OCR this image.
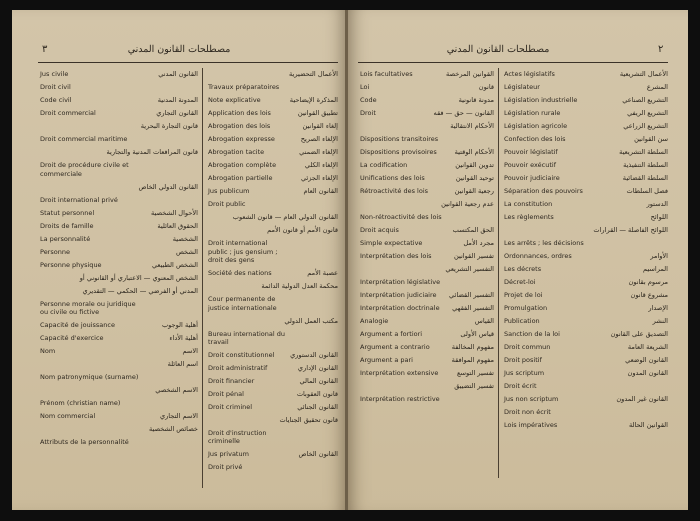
٣	مصطلحات القانون المدني
Jus civile	القانون المدني
Droit civil
Code civil	المدونة المدنية
Droit commercial	القانون التجاري
قانون التجارة البحرية
Droit commercial maritime
قانون المرافعات المدنية والتجارية
Droit de procédure civile et commerciale
القانون الدولي الخاص
Droit international privé
Statut personnel	الأحوال الشخصية
Droits de famille	الحقوق العائلية
La personnalité	الشخصية
Personne	الشخص
Personne physique	الشخص الطبيعي
الشخص المعنوي — الاعتباري أو القانوني أو
المدني أو الفرضي — الحكمي — التقديري
Personne morale ou juridique ou civile ou fictive
Capacité de jouissance	أهلية الوجوب
Capacité d'exercice	أهلية الأداء
Nom	الاسم
اسم العائلة
Nom patronymique (surname)
الاسم الشخصي
Prénom (christian name)
Nom commercial	الاسم التجاري
خصائص الشخصية
Attributs de la personnalité
الأعمال التحضيرية
Travaux préparatoires
Note explicative	المذكرة الإيضاحية
Application des lois	تطبيق القوانين
Abrogation des lois	إلغاء القوانين
Abrogation expresse	الإلغاء الصريح
Abrogation tacite	الإلغاء الضمني
Abrogation complète	الإلغاء الكلي
Abrogation partielle	الإلغاء الجزئي
Jus publicum	القانون العام
Droit public
القانون الدولي العام — قانون الشعوب
قانون الأمم أو قانون الأمم
Droit international public ; jus gensium ; droit des gens
Société des nations	عصبة الأمم
محكمة العدل الدولية الدائمة
Cour permanente de justice internationale
مكتب العمل الدولي
Bureau international du travail
Droit constitutionnel	القانون الدستوري
Droit administratif	القانون الإداري
Droit financier	القانون المالي
Droit pénal	قانون العقوبات
Droit criminel	القانون الجنائي
قانون تحقيق الجنايات
Droit d'instruction criminelle
Jus privatum	القانون الخاص
Droit privé
مصطلحات القانون المدني	٢
Lois facultatives	القوانين المرخصة
Loi	قانون
Code	مدونة قانونية
Droit	القانون — حق — فقه
الأحكام الانتقالية
Dispositions transitoires
Dispositions provisoires	الأحكام الوقتية
La codification	تدوين القوانين
Unifications des lois	توحيد القوانين
Rétroactivité des lois	رجعية القوانين
عدم رجعية القوانين
Non-rétroactivité des lois
Droit acquis	الحق المكتسب
Simple expectative	مجرد الأمل
Interprétation des lois	تفسير القوانين
التفسير التشريعي
Interprétation législative
Interprétation judiciaire	التفسير القضائي
Interprétation doctrinale	التفسير الفقهي
Analogie	القياس
Argument a fortiori	قياس الأولى
Argument a contrario	مفهوم المخالفة
Argument a pari	مفهوم الموافقة
Interprétation extensive	تفسير التوسع
تفسير التضييق
Interprétation restrictive
Actes législatifs	الأعمال التشريعية
Législateur	المشرع
Législation industrielle	التشريع الصناعي
Législation rurale	التشريع الريفي
Législation agricole	التشريع الزراعي
Confection des lois	سن القوانين
Pouvoir législatif	السلطة التشريعية
Pouvoir exécutif	السلطة التنفيذية
Pouvoir judiciaire	السلطة القضائية
Séparation des pouvoirs	فصل السلطات
La constitution	الدستور
Les règlements	اللوائح
اللوائح الفاصلة — القرارات
Les arrêts ; les décisions
Ordonnances, ordres	الأوامر
Les décrets	المراسيم
Décret-loi	مرسوم بقانون
Projet de loi	مشروع قانون
Promulgation	الإصدار
Publication	النشر
Sanction de la loi	التصديق على القانون
Droit commun	الشريعة العامة
Droit positif	القانون الوضعي
Jus scriptum	القانون المدون
Droit écrit
Jus non scriptum	القانون غير المدون
Droit non écrit
Lois impératives	القوانين الحالة
